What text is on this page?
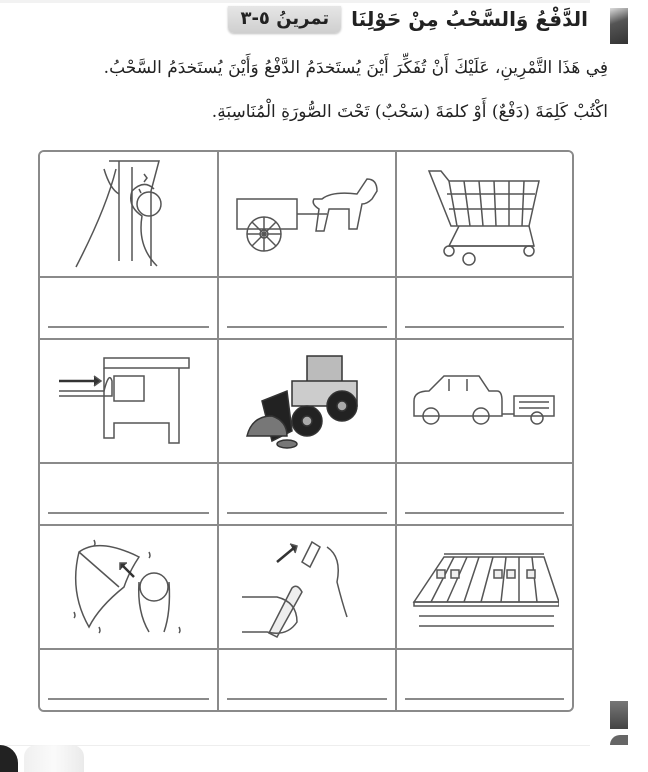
تمرينُ ٥-٣	الدَّفْعُ وَالسَّحْبُ مِنْ حَوْلِنَا
فِي هَذَا التَّمْرِينِ، عَلَيْكَ أَنْ تُفَكِّرَ أَيْنَ يُستَخدَمُ الدَّفْعُ وَأَيْنَ يُستَخدَمُ السَّحْبُ.
اكْتُبْ كَلِمَةَ (دَفْعٌ) أَوْ كلمَةَ (سَحْبٌ) تَحْتَ الصُّورَةِ الْمُنَاسِبَةِ.
